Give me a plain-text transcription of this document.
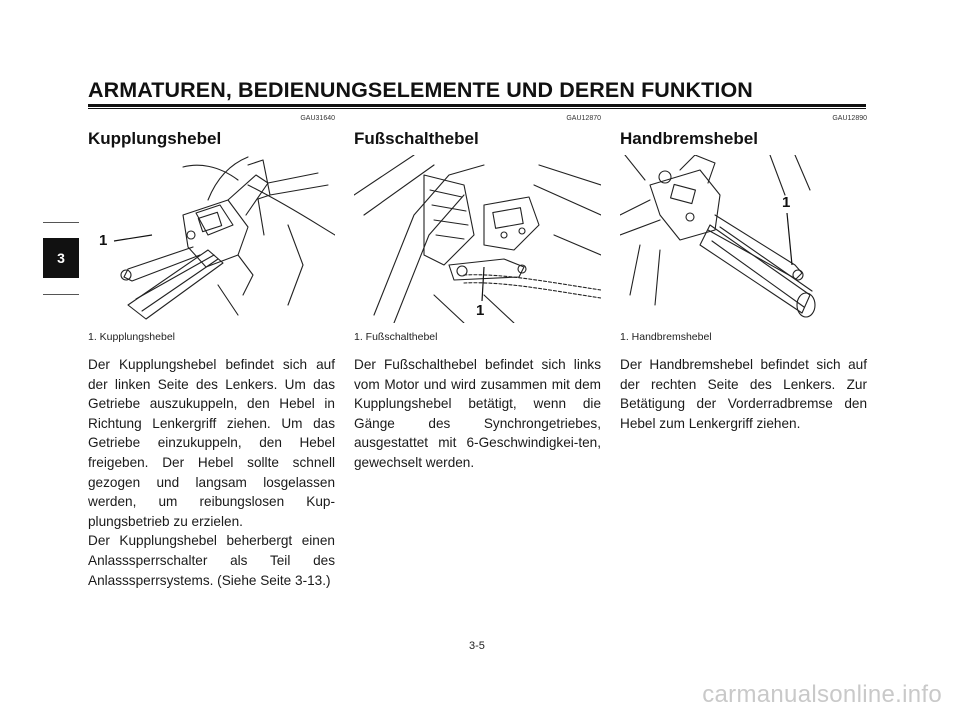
ARMATUREN, BEDIENUNGSELEMENTE UND DEREN FUNKTION
3
GAU31640
Kupplungshebel
1
1. Kupplungshebel

Der Kupplungshebel befindet sich auf der linken Seite des Lenkers. Um das Getriebe auszukuppeln, den Hebel in Richtung Lenkergriff ziehen. Um das Getriebe einzukuppeln, den Hebel freigeben. Der Hebel sollte schnell gezogen und langsam losgelassen werden, um reibungslosen Kup-plungsbetrieb zu erzielen.

Der Kupplungshebel beherbergt einen Anlasssperrschalter als Teil des Anlasssperrsystems. (Siehe Seite 3-13.)

GAU12870
Fußschalthebel
1
1. Fußschalthebel

Der Fußschalthebel befindet sich links vom Motor und wird zusammen mit dem Kupplungshebel betätigt, wenn die Gänge des Synchrongetriebes, ausgestattet mit 6-Geschwindigkei-ten, gewechselt werden.

GAU12890
Handbremshebel
1
1. Handbremshebel

Der Handbremshebel befindet sich auf der rechten Seite des Lenkers. Zur Betätigung der Vorderradbremse den Hebel zum Lenkergriff ziehen.

3-5
carmanualsonline.info
